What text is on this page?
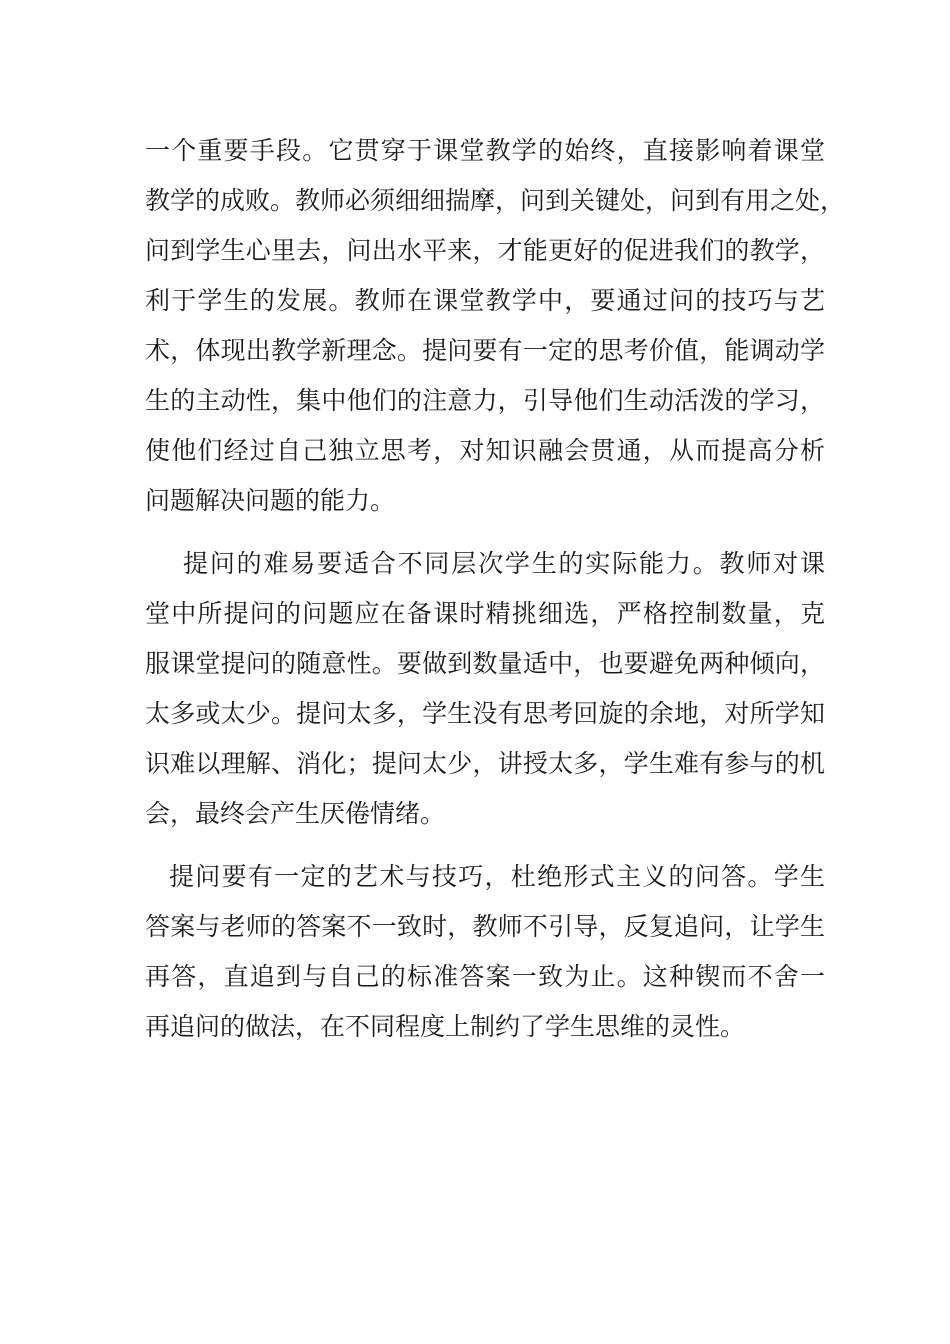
一个重要手段。它贯穿于课堂教学的始终，直接影响着课堂
教学的成败。教师必须细细揣摩，问到关键处，问到有用之处，
问到学生心里去，问出水平来，才能更好的促进我们的教学，
利于学生的发展。教师在课堂教学中，要通过问的技巧与艺
术，体现出教学新理念。提问要有一定的思考价值，能调动学
生的主动性，集中他们的注意力，引导他们生动活泼的学习，
使他们经过自己独立思考，对知识融会贯通，从而提高分析
问题解决问题的能力。
提问的难易要适合不同层次学生的实际能力。教师对课
堂中所提问的问题应在备课时精挑细选，严格控制数量，克
服课堂提问的随意性。要做到数量适中，也要避免两种倾向，
太多或太少。提问太多，学生没有思考回旋的余地，对所学知
识难以理解、消化；提问太少，讲授太多，学生难有参与的机
会，最终会产生厌倦情绪。
提问要有一定的艺术与技巧，杜绝形式主义的问答。学生
答案与老师的答案不一致时，教师不引导，反复追问，让学生
再答，直追到与自己的标准答案一致为止。这种锲而不舍一
再追问的做法，在不同程度上制约了学生思维的灵性。
